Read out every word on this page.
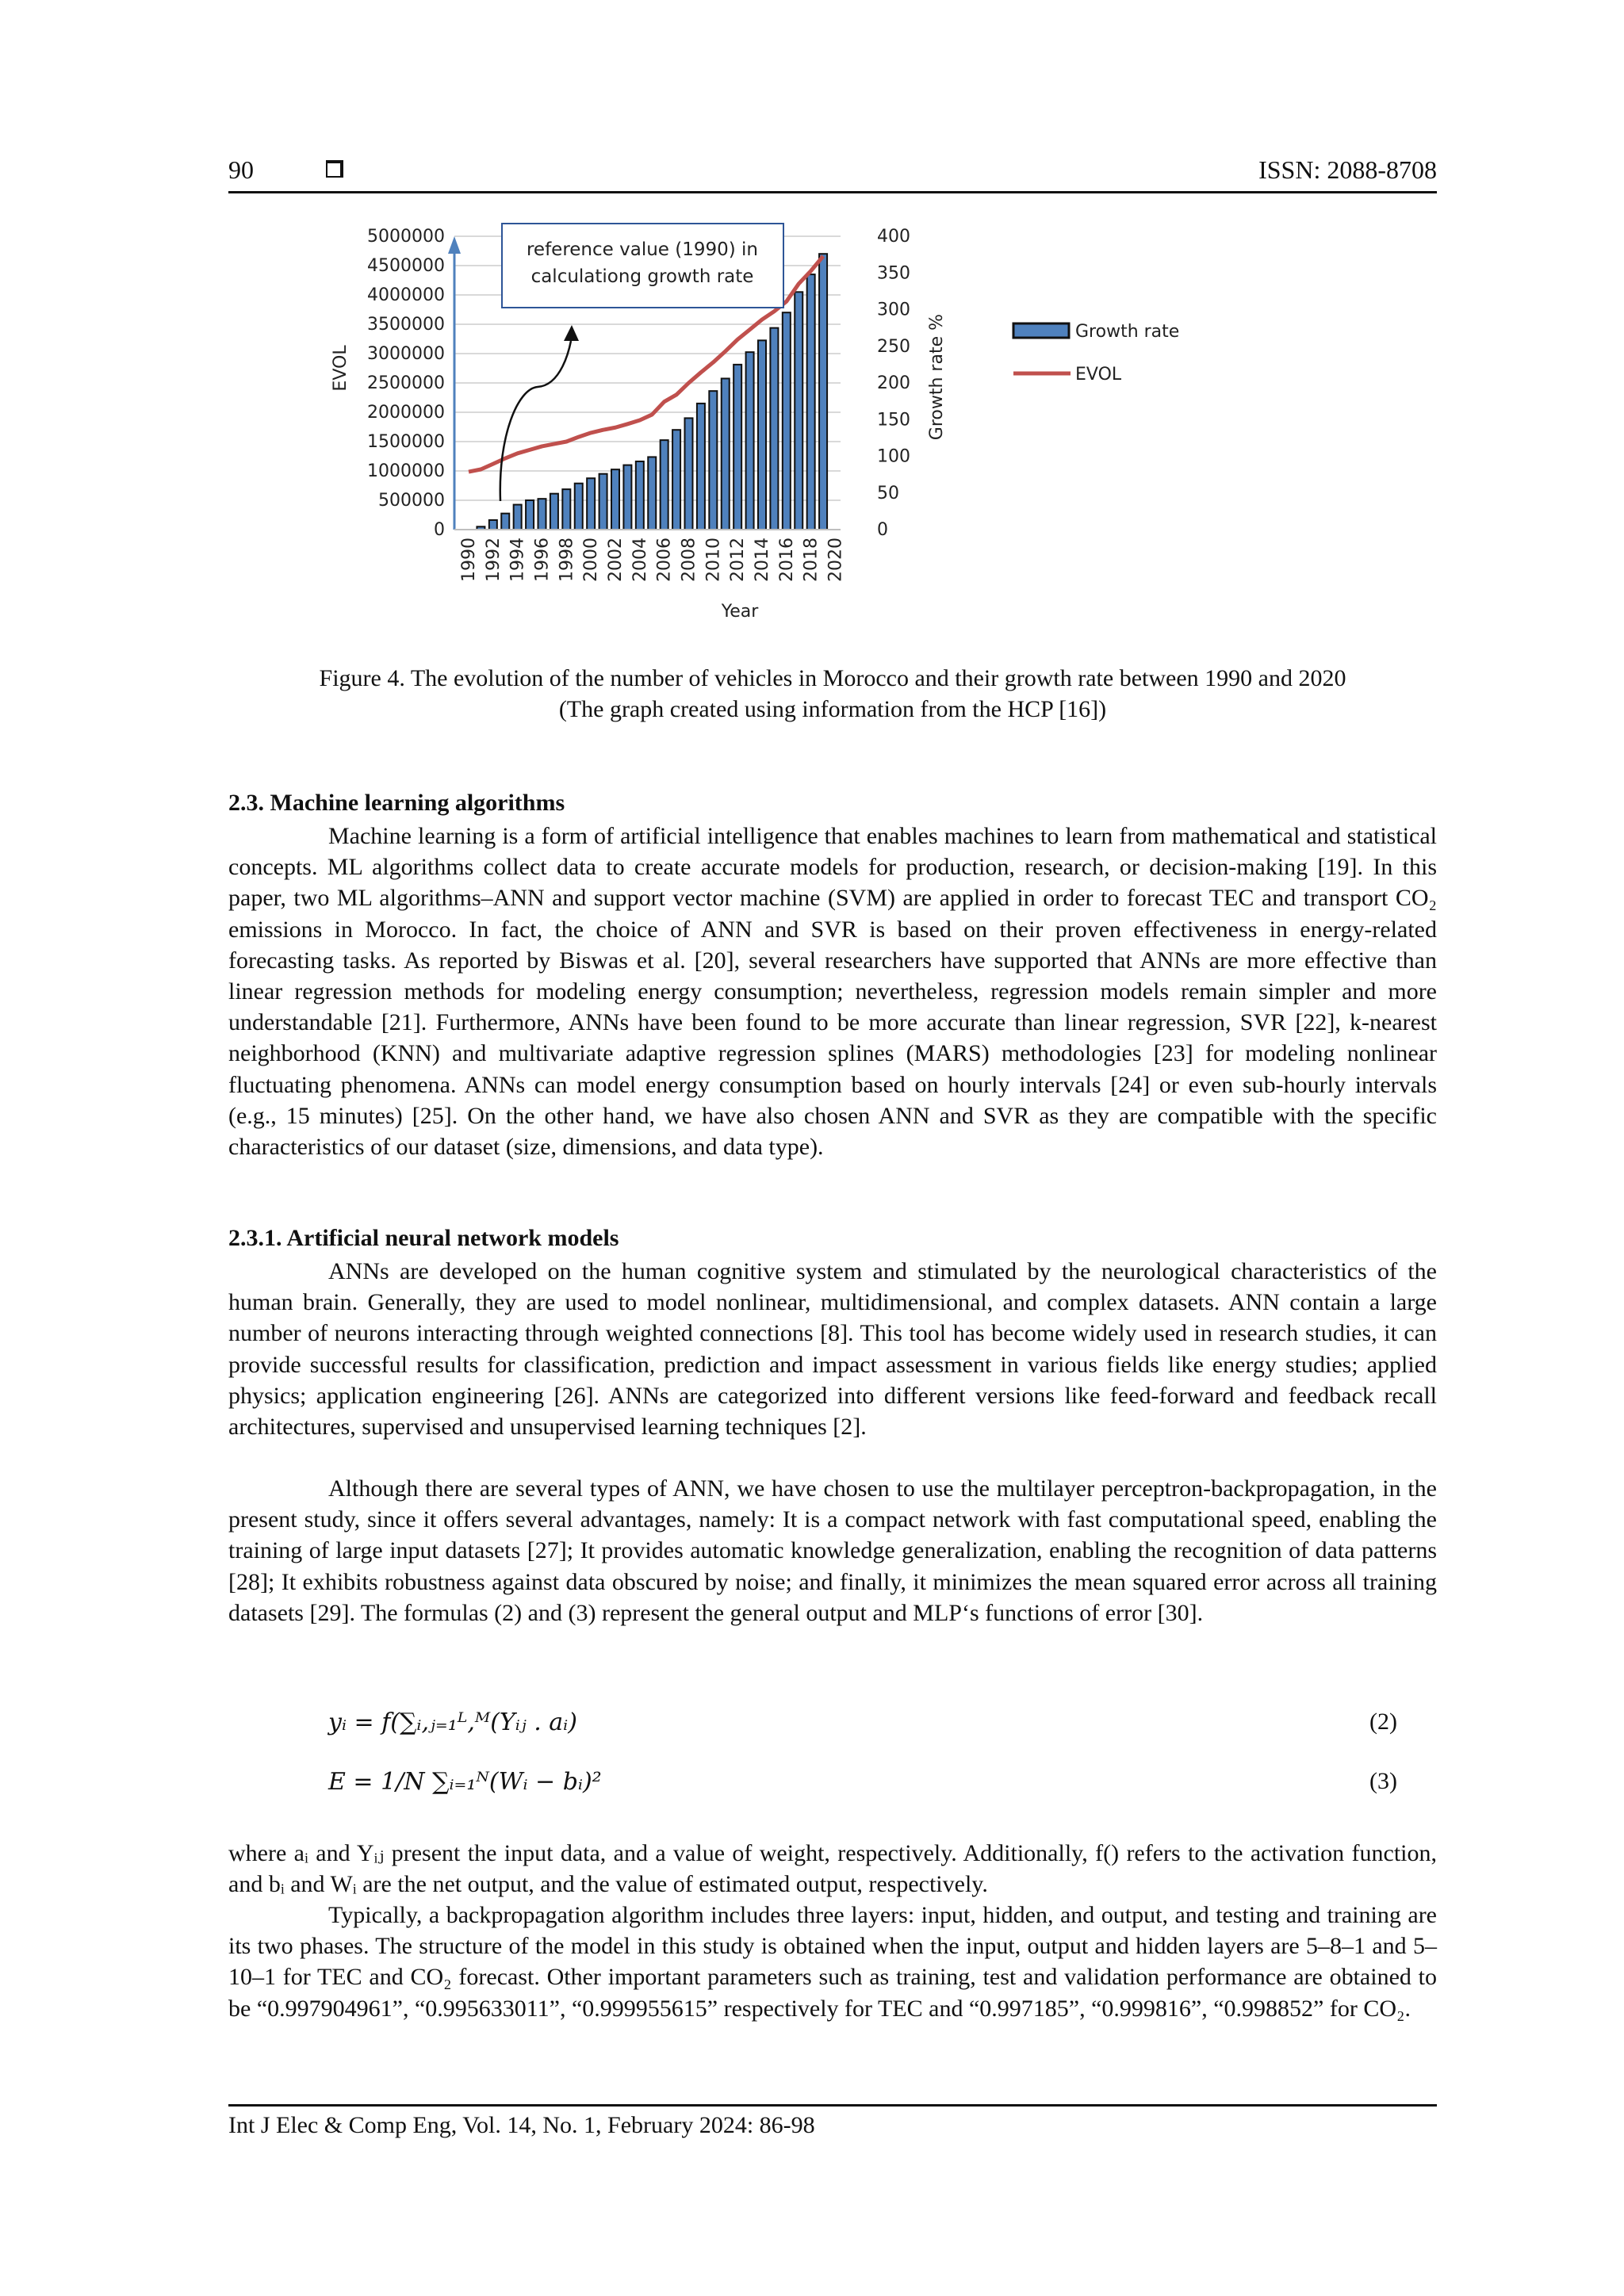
90	ISSN: 2088-8708
0
500000
1000000
1500000
2000000
2500000
3000000
3500000
4000000
4500000
5000000
0
50
100
150
200
250
300
350
400
EVOL	Growth rate %
Year
1990 1992 1994 1996 1998 2000 2002 2004 2006 2008 2010 2012 2014 2016 2018 2020
reference value (1990) in
calculationg growth rate
Growth rate
EVOL
Figure 4. The evolution of the number of vehicles in Morocco and their growth rate between 1990 and 2020
(The graph created using information from the HCP [16])
2.3. Machine learning algorithms
Machine learning is a form of artificial intelligence that enables machines to learn from mathematical and statistical concepts. ML algorithms collect data to create accurate models for production, research, or decision-making [19]. In this paper, two ML algorithms–ANN and support vector machine (SVM) are applied in order to forecast TEC and transport CO₂ emissions in Morocco. In fact, the choice of ANN and SVR is based on their proven effectiveness in energy-related forecasting tasks. As reported by Biswas et al. [20], several researchers have supported that ANNs are more effective than linear regression methods for modeling energy consumption; nevertheless, regression models remain simpler and more understandable [21]. Furthermore, ANNs have been found to be more accurate than linear regression, SVR [22], k-nearest neighborhood (KNN) and multivariate adaptive regression splines (MARS) methodologies [23] for modeling nonlinear fluctuating phenomena. ANNs can model energy consumption based on hourly intervals [24] or even sub-hourly intervals (e.g., 15 minutes) [25]. On the other hand, we have also chosen ANN and SVR as they are compatible with the specific characteristics of our dataset (size, dimensions, and data type).
2.3.1. Artificial neural network models
ANNs are developed on the human cognitive system and stimulated by the neurological characteristics of the human brain. Generally, they are used to model nonlinear, multidimensional, and complex datasets. ANN contain a large number of neurons interacting through weighted connections [8]. This tool has become widely used in research studies, it can provide successful results for classification, prediction and impact assessment in various fields like energy studies; applied physics; application engineering [26]. ANNs are categorized into different versions like feed-forward and feedback recall architectures, supervised and unsupervised learning techniques [2].
Although there are several types of ANN, we have chosen to use the multilayer perceptron-backpropagation, in the present study, since it offers several advantages, namely: It is a compact network with fast computational speed, enabling the training of large input datasets [27]; It provides automatic knowledge generalization, enabling the recognition of data patterns [28]; It exhibits robustness against data obscured by noise; and finally, it minimizes the mean squared error across all training datasets [29]. The formulas (2) and (3) represent the general output and MLP‘s functions of error [30].
yᵢ = f(∑ᵢ,ⱼ₌₁ᴸ,ᴹ(Yᵢⱼ . aᵢ)	(2)
E = 1/N ∑ᵢ₌₁ᴺ(Wᵢ − bᵢ)²	(3)
where aᵢ and Yᵢⱼ present the input data, and a value of weight, respectively. Additionally, f() refers to the activation function, and bᵢ and Wᵢ are the net output, and the value of estimated output, respectively.
Typically, a backpropagation algorithm includes three layers: input, hidden, and output, and testing and training are its two phases. The structure of the model in this study is obtained when the input, output and hidden layers are 5–8–1 and 5–10–1 for TEC and CO₂ forecast. Other important parameters such as training, test and validation performance are obtained to be “0.997904961”, “0.995633011”, “0.999955615” respectively for TEC and “0.997185”, “0.999816”, “0.998852” for CO₂.
Int J Elec & Comp Eng, Vol. 14, No. 1, February 2024: 86-98
